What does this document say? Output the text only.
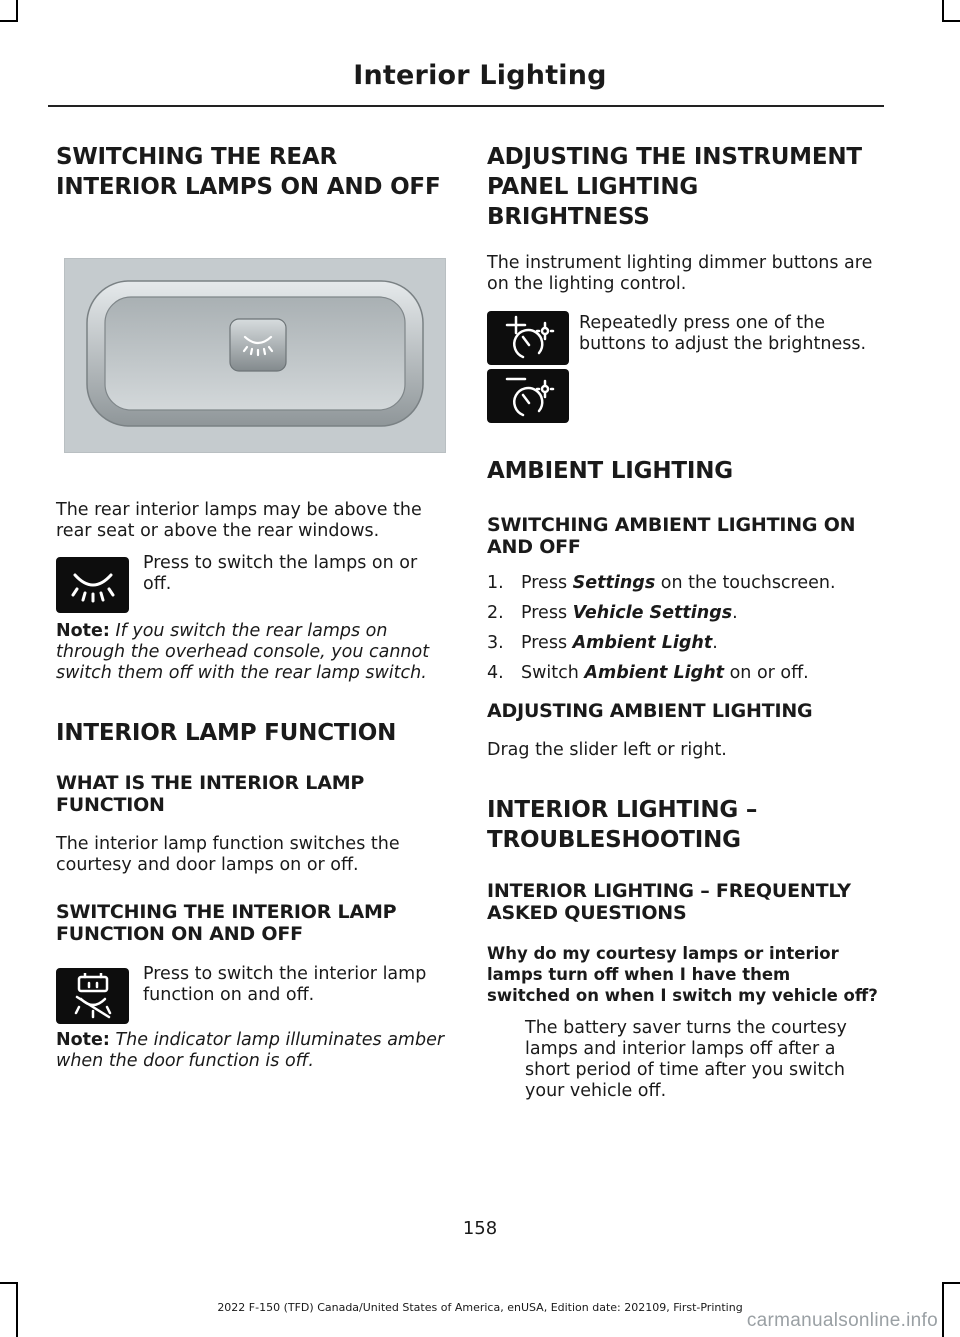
Interior Lighting
SWITCHING THE REAR
INTERIOR LAMPS ON AND OFF

The rear interior lamps may be above the rear seat or above the rear windows.

Press to switch the lamps on or off.

Note: If you switch the rear lamps on through the overhead console, you cannot switch them off with the rear lamp switch.

INTERIOR LAMP FUNCTION
WHAT IS THE INTERIOR LAMP FUNCTION

The interior lamp function switches the courtesy and door lamps on or off.

SWITCHING THE INTERIOR LAMP FUNCTION ON AND OFF

Press to switch the interior lamp function on and off.

Note: The indicator lamp illuminates amber when the door function is off.

ADJUSTING THE INSTRUMENT
PANEL LIGHTING
BRIGHTNESS

The instrument lighting dimmer buttons are on the lighting control.

Repeatedly press one of the buttons to adjust the brightness.

AMBIENT LIGHTING
SWITCHING AMBIENT LIGHTING ON AND OFF
1. Press Settings on the touchscreen.
2. Press Vehicle Settings.
3. Press Ambient Light.
4. Switch Ambient Light on or off.
ADJUSTING AMBIENT LIGHTING

Drag the slider left or right.

INTERIOR LIGHTING –
TROUBLESHOOTING
INTERIOR LIGHTING – FREQUENTLY ASKED QUESTIONS
Why do my courtesy lamps or interior lamps turn off when I have them switched on when I switch my vehicle off?

The battery saver turns the courtesy lamps and interior lamps off after a short period of time after you switch your vehicle off.

158
2022 F-150 (TFD) Canada/United States of America, enUSA, Edition date: 202109, First-Printing
carmanualsonline.info
